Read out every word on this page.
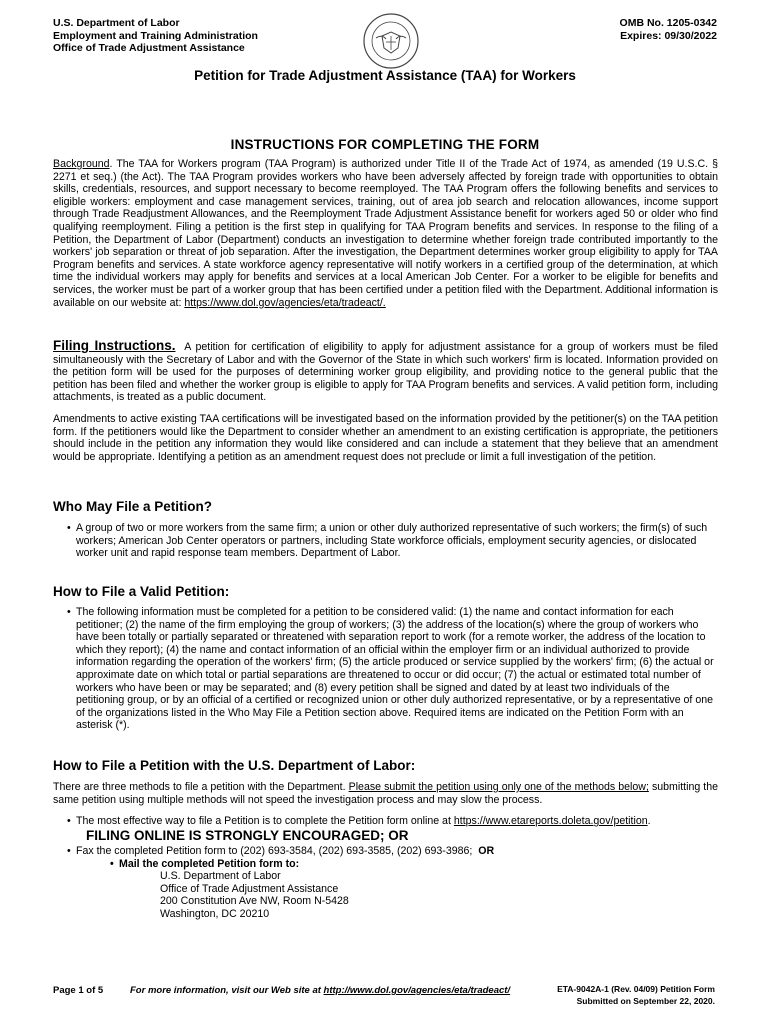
U.S. Department of Labor
Employment and Training Administration
Office of Trade Adjustment Assistance
OMB No. 1205-0342
Expires: 09/30/2022
Petition for Trade Adjustment Assistance (TAA) for Workers
INSTRUCTIONS FOR COMPLETING THE FORM
Background. The TAA for Workers program (TAA Program) is authorized under Title II of the Trade Act of 1974, as amended (19 U.S.C. § 2271 et seq.) (the Act). The TAA Program provides workers who have been adversely affected by foreign trade with opportunities to obtain skills, credentials, resources, and support necessary to become reemployed. The TAA Program offers the following benefits and services to eligible workers: employment and case management services, training, out of area job search and relocation allowances, income support through Trade Readjustment Allowances, and the Reemployment Trade Adjustment Assistance benefit for workers aged 50 or older who find qualifying reemployment. Filing a petition is the first step in qualifying for TAA Program benefits and services. In response to the filing of a Petition, the Department of Labor (Department) conducts an investigation to determine whether foreign trade contributed importantly to the workers' job separation or threat of job separation. After the investigation, the Department determines worker group eligibility to apply for TAA Program benefits and services. A state workforce agency representative will notify workers in a certified group of the determination, at which time the individual workers may apply for benefits and services at a local American Job Center. For a worker to be eligible for benefits and services, the worker must be part of a worker group that has been certified under a petition filed with the Department. Additional information is available on our website at: https://www.dol.gov/agencies/eta/tradeact/.
Filing Instructions. A petition for certification of eligibility to apply for adjustment assistance for a group of workers must be filed simultaneously with the Secretary of Labor and with the Governor of the State in which such workers' firm is located. Information provided on the petition form will be used for the purposes of determining worker group eligibility, and providing notice to the general public that the petition has been filed and whether the worker group is eligible to apply for TAA Program benefits and services. A valid petition form, including attachments, is treated as a public document.
Amendments to active existing TAA certifications will be investigated based on the information provided by the petitioner(s) on the TAA petition form. If the petitioners would like the Department to consider whether an amendment to an existing certification is appropriate, the petitioners should include in the petition any information they would like considered and can include a statement that they believe that an amendment would be appropriate. Identifying a petition as an amendment request does not preclude or limit a full investigation of the petition.
Who May File a Petition?
• A group of two or more workers from the same firm; a union or other duly authorized representative of such workers; the firm(s) of such workers; American Job Center operators or partners, including State workforce officials, employment security agencies, or dislocated worker unit and rapid response team members. Department of Labor.
How to File a Valid Petition:
• The following information must be completed for a petition to be considered valid: (1) the name and contact information for each petitioner; (2) the name of the firm employing the group of workers; (3) the address of the location(s) where the group of workers who have been totally or partially separated or threatened with separation report to work (for a remote worker, the address of the location to which they report); (4) the name and contact information of an official within the employer firm or an individual authorized to provide information regarding the operation of the workers' firm; (5) the article produced or service supplied by the workers' firm; (6) the actual or approximate date on which total or partial separations are threatened to occur or did occur; (7) the actual or estimated total number of workers who have been or may be separated; and (8) every petition shall be signed and dated by at least two individuals of the petitioning group, or by an official of a certified or recognized union or other duly authorized representative, or by a representative of one of the organizations listed in the Who May File a Petition section above. Required items are indicated on the Petition Form with an asterisk (*).
How to File a Petition with the U.S. Department of Labor:
There are three methods to file a petition with the Department. Please submit the petition using only one of the methods below; submitting the same petition using multiple methods will not speed the investigation process and may slow the process.
• The most effective way to file a Petition is to complete the Petition form online at https://www.etareports.doleta.gov/petition.
FILING ONLINE IS STRONGLY ENCOURAGED; OR
• Fax the completed Petition form to (202) 693-3584, (202) 693-3585, (202) 693-3986; OR
• Mail the completed Petition form to:
U.S. Department of Labor
Office of Trade Adjustment Assistance
200 Constitution Ave NW, Room N-5428
Washington, DC 20210
Page 1 of 5	For more information, visit our Web site at http://www.dol.gov/agencies/eta/tradeact/	ETA-9042A-1 (Rev. 04/09) Petition Form
Submitted on September 22, 2020.
